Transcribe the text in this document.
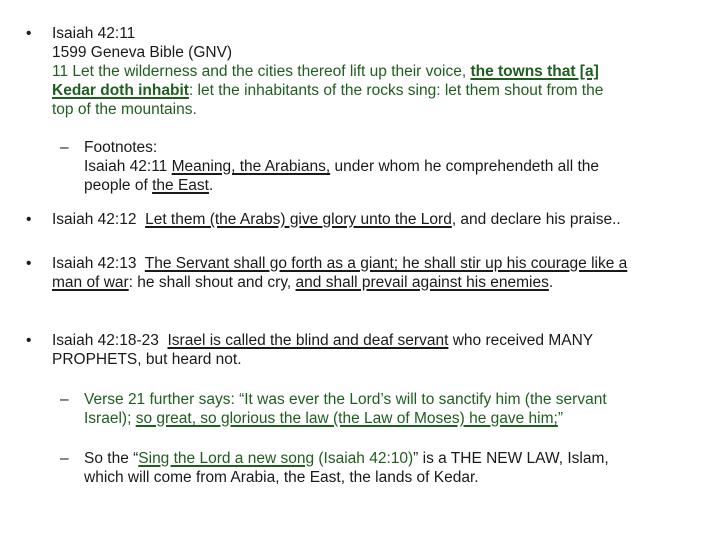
•	Isaiah 42:11
1599 Geneva Bible (GNV)
11 Let the wilderness and the cities thereof lift up their voice, the towns that [a]
Kedar doth inhabit: let the inhabitants of the rocks sing: let them shout from the
top of the mountains.
– Footnotes:
Isaiah 42:11 Meaning, the Arabians, under whom he comprehendeth all the
people of the East.
•	Isaiah 42:12  Let them (the Arabs) give glory unto the Lord, and declare his praise..
•	Isaiah 42:13  The Servant shall go forth as a giant; he shall stir up his courage like a
man of war: he shall shout and cry, and shall prevail against his enemies.
•	Isaiah 42:18-23  Israel is called the blind and deaf servant who received MANY
PROPHETS, but heard not.
– Verse 21 further says: “It was ever the Lord’s will to sanctify him (the servant
Israel); so great, so glorious the law (the Law of Moses) he gave him;”
– So the “Sing the Lord a new song (Isaiah 42:10)” is a THE NEW LAW, Islam,
which will come from Arabia, the East, the lands of Kedar.
